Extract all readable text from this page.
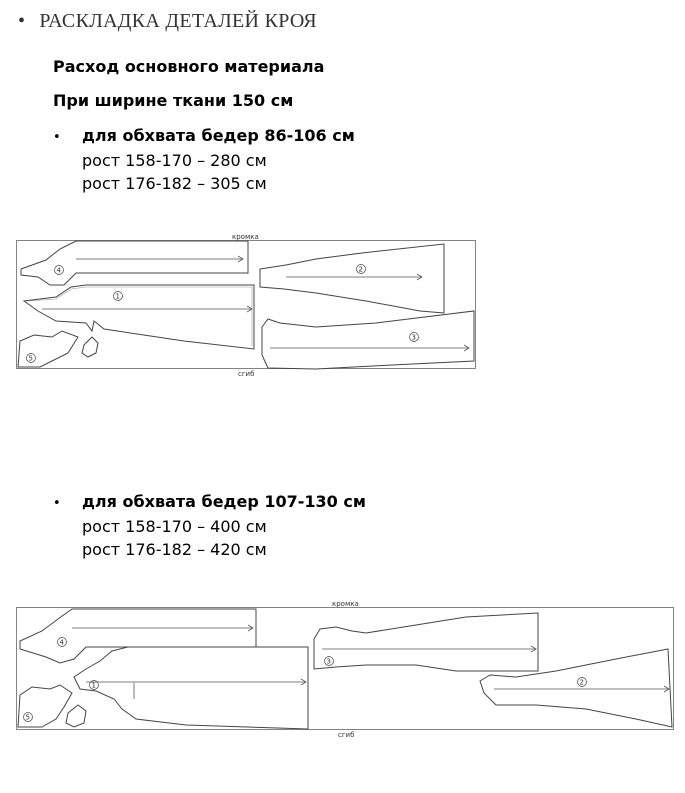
• РАСКЛАДКА ДЕТАЛЕЙ КРОЯ
Расход основного материала
При ширине ткани 150 см
• для обхвата бедер 86-106 см
рост 158-170 – 280 см
рост 176-182 – 305 см
кромка
сгиб
4
1
2
3
5
• для обхвата бедер 107-130 см
рост 158-170 – 400 см
рост 176-182 – 420 см
кромка
сгиб
4
1
3
2
5
